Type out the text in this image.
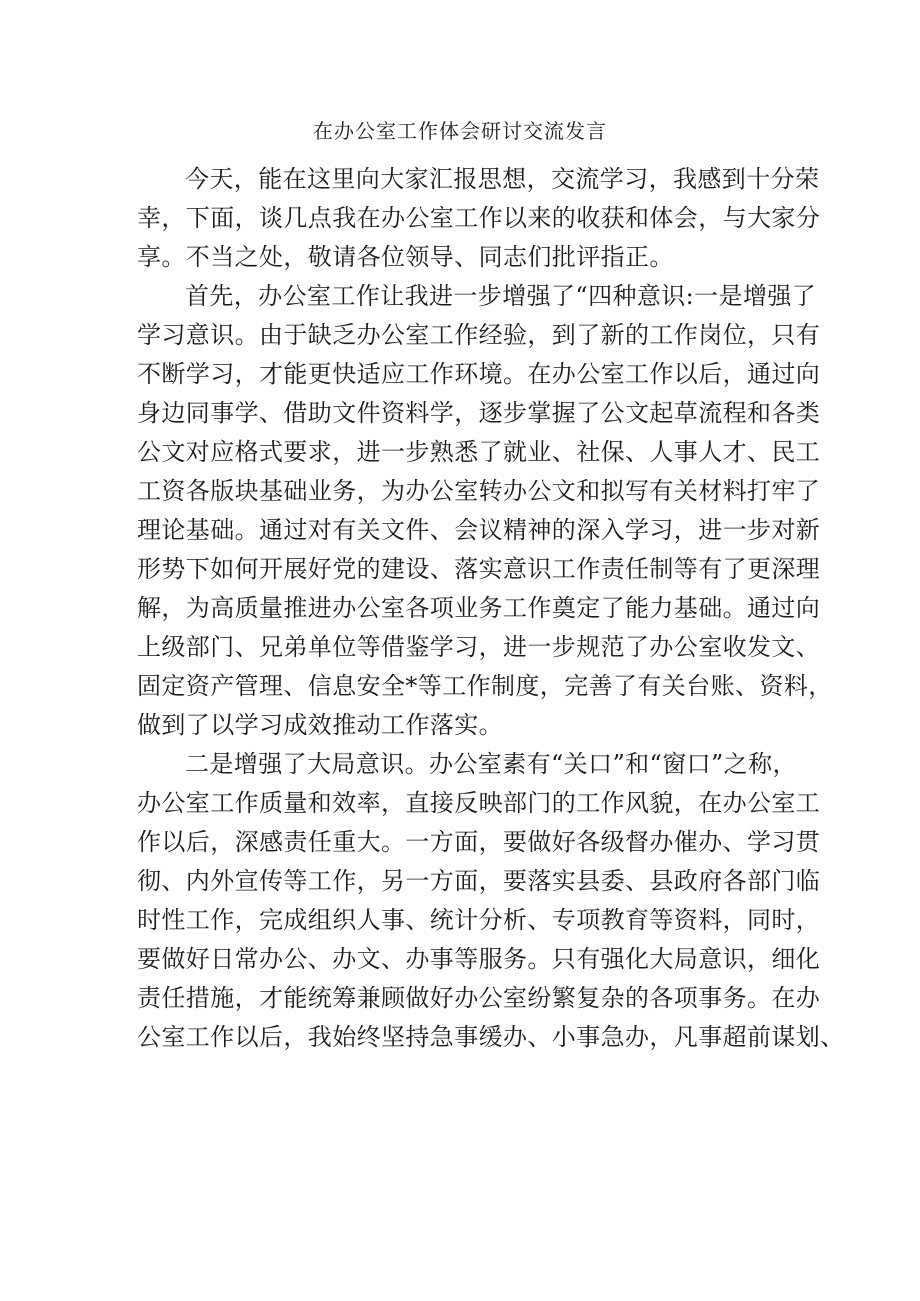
在办公室工作体会研讨交流发言
今天，能在这里向大家汇报思想，交流学习，我感到十分荣
幸，下面，谈几点我在办公室工作以来的收获和体会，与大家分
享。不当之处，敬请各位领导、同志们批评指正。
首先，办公室工作让我进一步增强了“四种意识:一是增强了
学习意识。由于缺乏办公室工作经验，到了新的工作岗位，只有
不断学习，才能更快适应工作环境。在办公室工作以后，通过向
身边同事学、借助文件资料学，逐步掌握了公文起草流程和各类
公文对应格式要求，进一步熟悉了就业、社保、人事人才、民工
工资各版块基础业务，为办公室转办公文和拟写有关材料打牢了
理论基础。通过对有关文件、会议精神的深入学习，进一步对新
形势下如何开展好党的建设、落实意识工作责任制等有了更深理
解，为高质量推进办公室各项业务工作奠定了能力基础。通过向
上级部门、兄弟单位等借鉴学习，进一步规范了办公室收发文、
固定资产管理、信息安全*等工作制度，完善了有关台账、资料，
做到了以学习成效推动工作落实。
二是增强了大局意识。办公室素有“关口”和“窗口”之称，
办公室工作质量和效率，直接反映部门的工作风貌，在办公室工
作以后，深感责任重大。一方面，要做好各级督办催办、学习贯
彻、内外宣传等工作，另一方面，要落实县委、县政府各部门临
时性工作，完成组织人事、统计分析、专项教育等资料，同时，
要做好日常办公、办文、办事等服务。只有强化大局意识，细化
责任措施，才能统筹兼顾做好办公室纷繁复杂的各项事务。在办
公室工作以后，我始终坚持急事缓办、小事急办，凡事超前谋划、
